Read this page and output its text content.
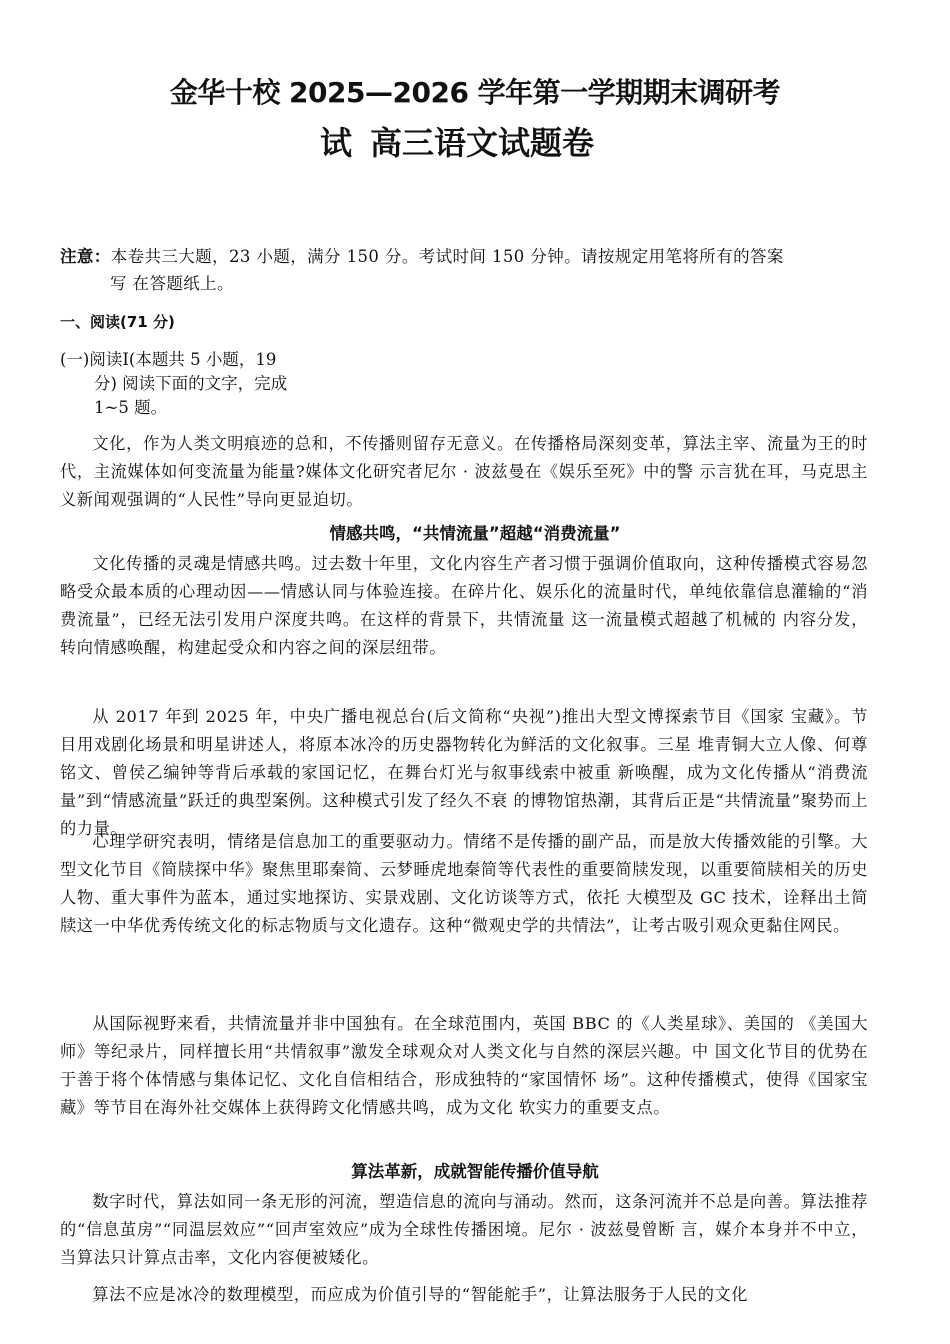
金华十校 2025—2026 学年第一学期期末调研考
试 高三语文试题卷
注意：本卷共三大题，23 小题，满分 150 分。考试时间 150 分钟。请按规定用笔将所有的答案
写 在答题纸上。
一、阅读(71 分)
(一)阅读Ⅰ(本题共 5 小题，19
分) 阅读下面的文字，完成
1~5 题。
文化，作为人类文明痕迹的总和，不传播则留存无意义。在传播格局深刻变革，算法主宰、流量为王的时代，主流媒体如何变流量为能量?媒体文化研究者尼尔 · 波兹曼在《娱乐至死》中的警 示言犹在耳，马克思主义新闻观强调的“人民性”导向更显迫切。
情感共鸣，“共情流量”超越“消费流量”
文化传播的灵魂是情感共鸣。过去数十年里，文化内容生产者习惯于强调价值取向，这种传播模式容易忽略受众最本质的心理动因——情感认同与体验连接。在碎片化、娱乐化的流量时代，单纯依靠信息灌输的“消费流量”，已经无法引发用户深度共鸣。在这样的背景下，共情流量 这一流量模式超越了机械的 内容分发，转向情感唤醒，构建起受众和内容之间的深层纽带。
从 2017 年到 2025 年，中央广播电视总台(后文简称“央视”)推出大型文博探索节目《国家 宝藏》。节目用戏剧化场景和明星讲述人，将原本冰冷的历史器物转化为鲜活的文化叙事。三星 堆青铜大立人像、何尊铭文、曾侯乙编钟等背后承载的家国记忆，在舞台灯光与叙事线索中被重 新唤醒，成为文化传播从“消费流量”到“情感流量”跃迁的典型案例。这种模式引发了经久不衰 的博物馆热潮，其背后正是“共情流量”聚势而上的力量。
心理学研究表明，情绪是信息加工的重要驱动力。情绪不是传播的副产品，而是放大传播效能的引擎。大型文化节目《简牍探中华》聚焦里耶秦简、云梦睡虎地秦简等代表性的重要简牍发现，以重要简牍相关的历史人物、重大事件为蓝本，通过实地探访、实景戏剧、文化访谈等方式，依托 大模型及 GC 技术，诠释出土简牍这一中华优秀传统文化的标志物质与文化遗存。这种“微观史学的共情法”，让考古吸引观众更黏住网民。
从国际视野来看，共情流量并非中国独有。在全球范围内，英国 BBC 的《人类星球》、美国的 《美国大师》等纪录片，同样擅长用“共情叙事”激发全球观众对人类文化与自然的深层兴趣。中 国文化节目的优势在于善于将个体情感与集体记忆、文化自信相结合，形成独特的“家国情怀 场”。这种传播模式，使得《国家宝藏》等节目在海外社交媒体上获得跨文化情感共鸣，成为文化 软实力的重要支点。
算法革新，成就智能传播价值导航
数字时代，算法如同一条无形的河流，塑造信息的流向与涌动。然而，这条河流并不总是向善。算法推荐的“信息茧房”“同温层效应”“回声室效应”成为全球性传播困境。尼尔 · 波兹曼曾断 言，媒介本身并不中立，当算法只计算点击率，文化内容便被矮化。
算法不应是冰冷的数理模型，而应成为价值引导的“智能舵手”，让算法服务于人民的文化
